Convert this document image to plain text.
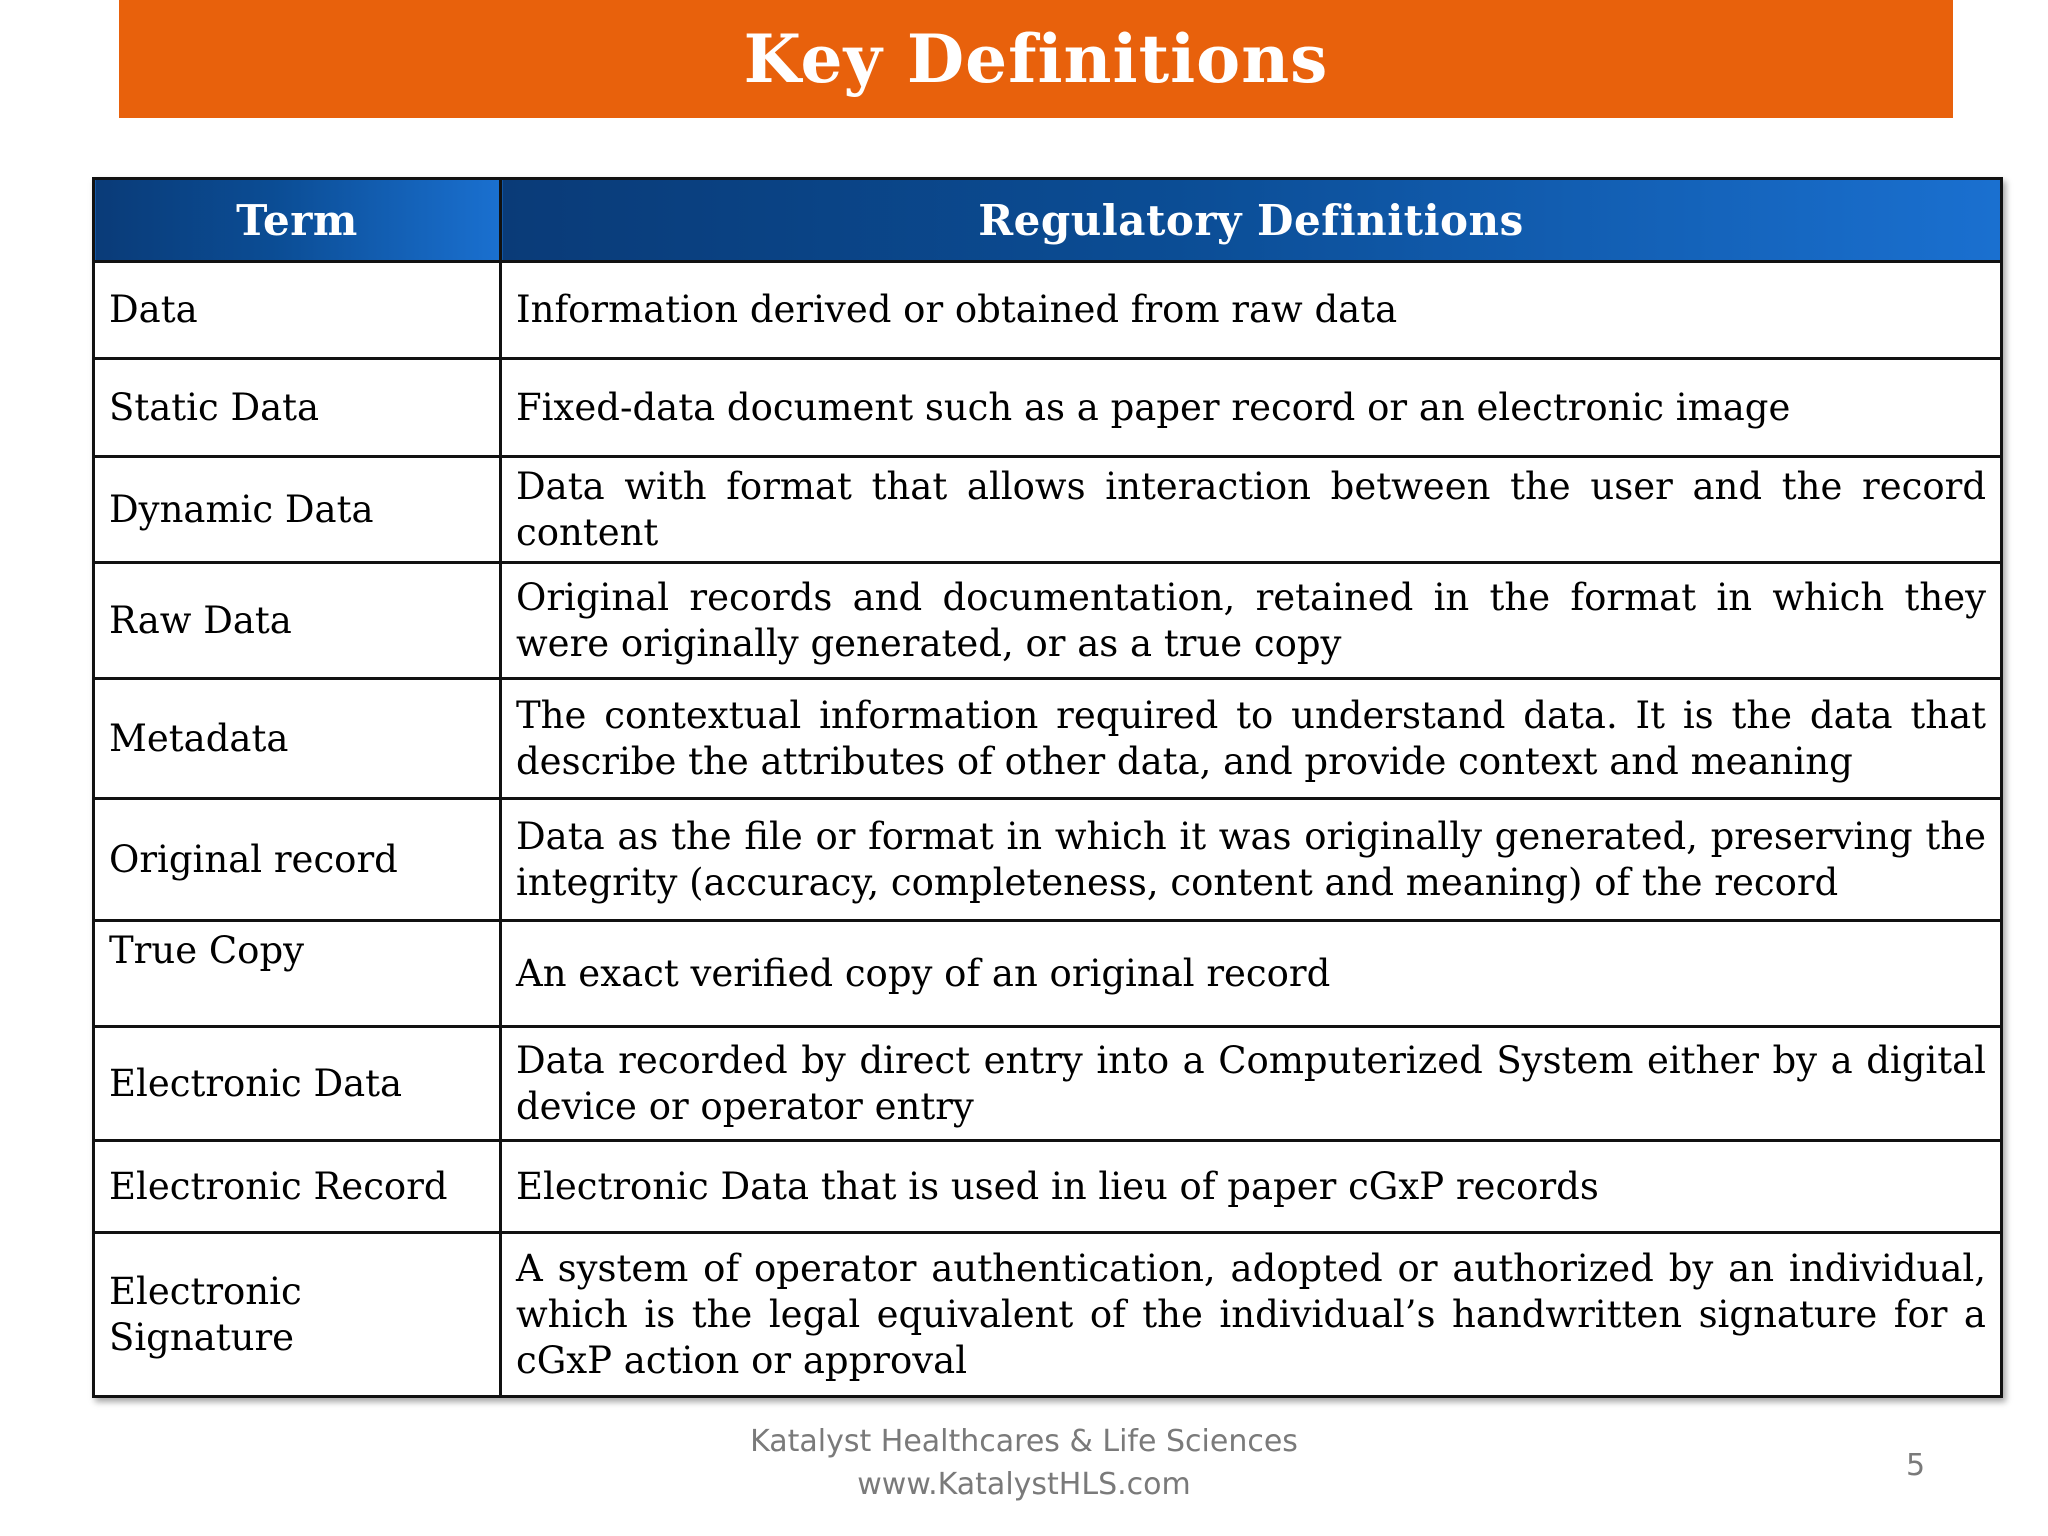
Key Definitions
Term	Regulatory Definitions
Data	Information derived or obtained from raw data
Static Data	Fixed-data document such as a paper record or an electronic image
Dynamic Data	Data with format that allows interaction between the user and the record content
Raw Data	Original records and documentation, retained in the format in which they were originally generated, or as a true copy
Metadata	The contextual information required to understand data. It is the data that describe the attributes of other data, and provide context and meaning
Original record	Data as the file or format in which it was originally generated, preserving the integrity (accuracy, completeness, content and meaning) of the record
True Copy	An exact verified copy of an original record
Electronic Data	Data recorded by direct entry into a Computerized System either by a digital device or operator entry
Electronic Record	Electronic Data that is used in lieu of paper cGxP records
Electronic Signature	A system of operator authentication, adopted or authorized by an individual, which is the legal equivalent of the individual’s handwritten signature for a cGxP action or approval
Katalyst Healthcares & Life Sciences
www.KatalystHLS.com
5
